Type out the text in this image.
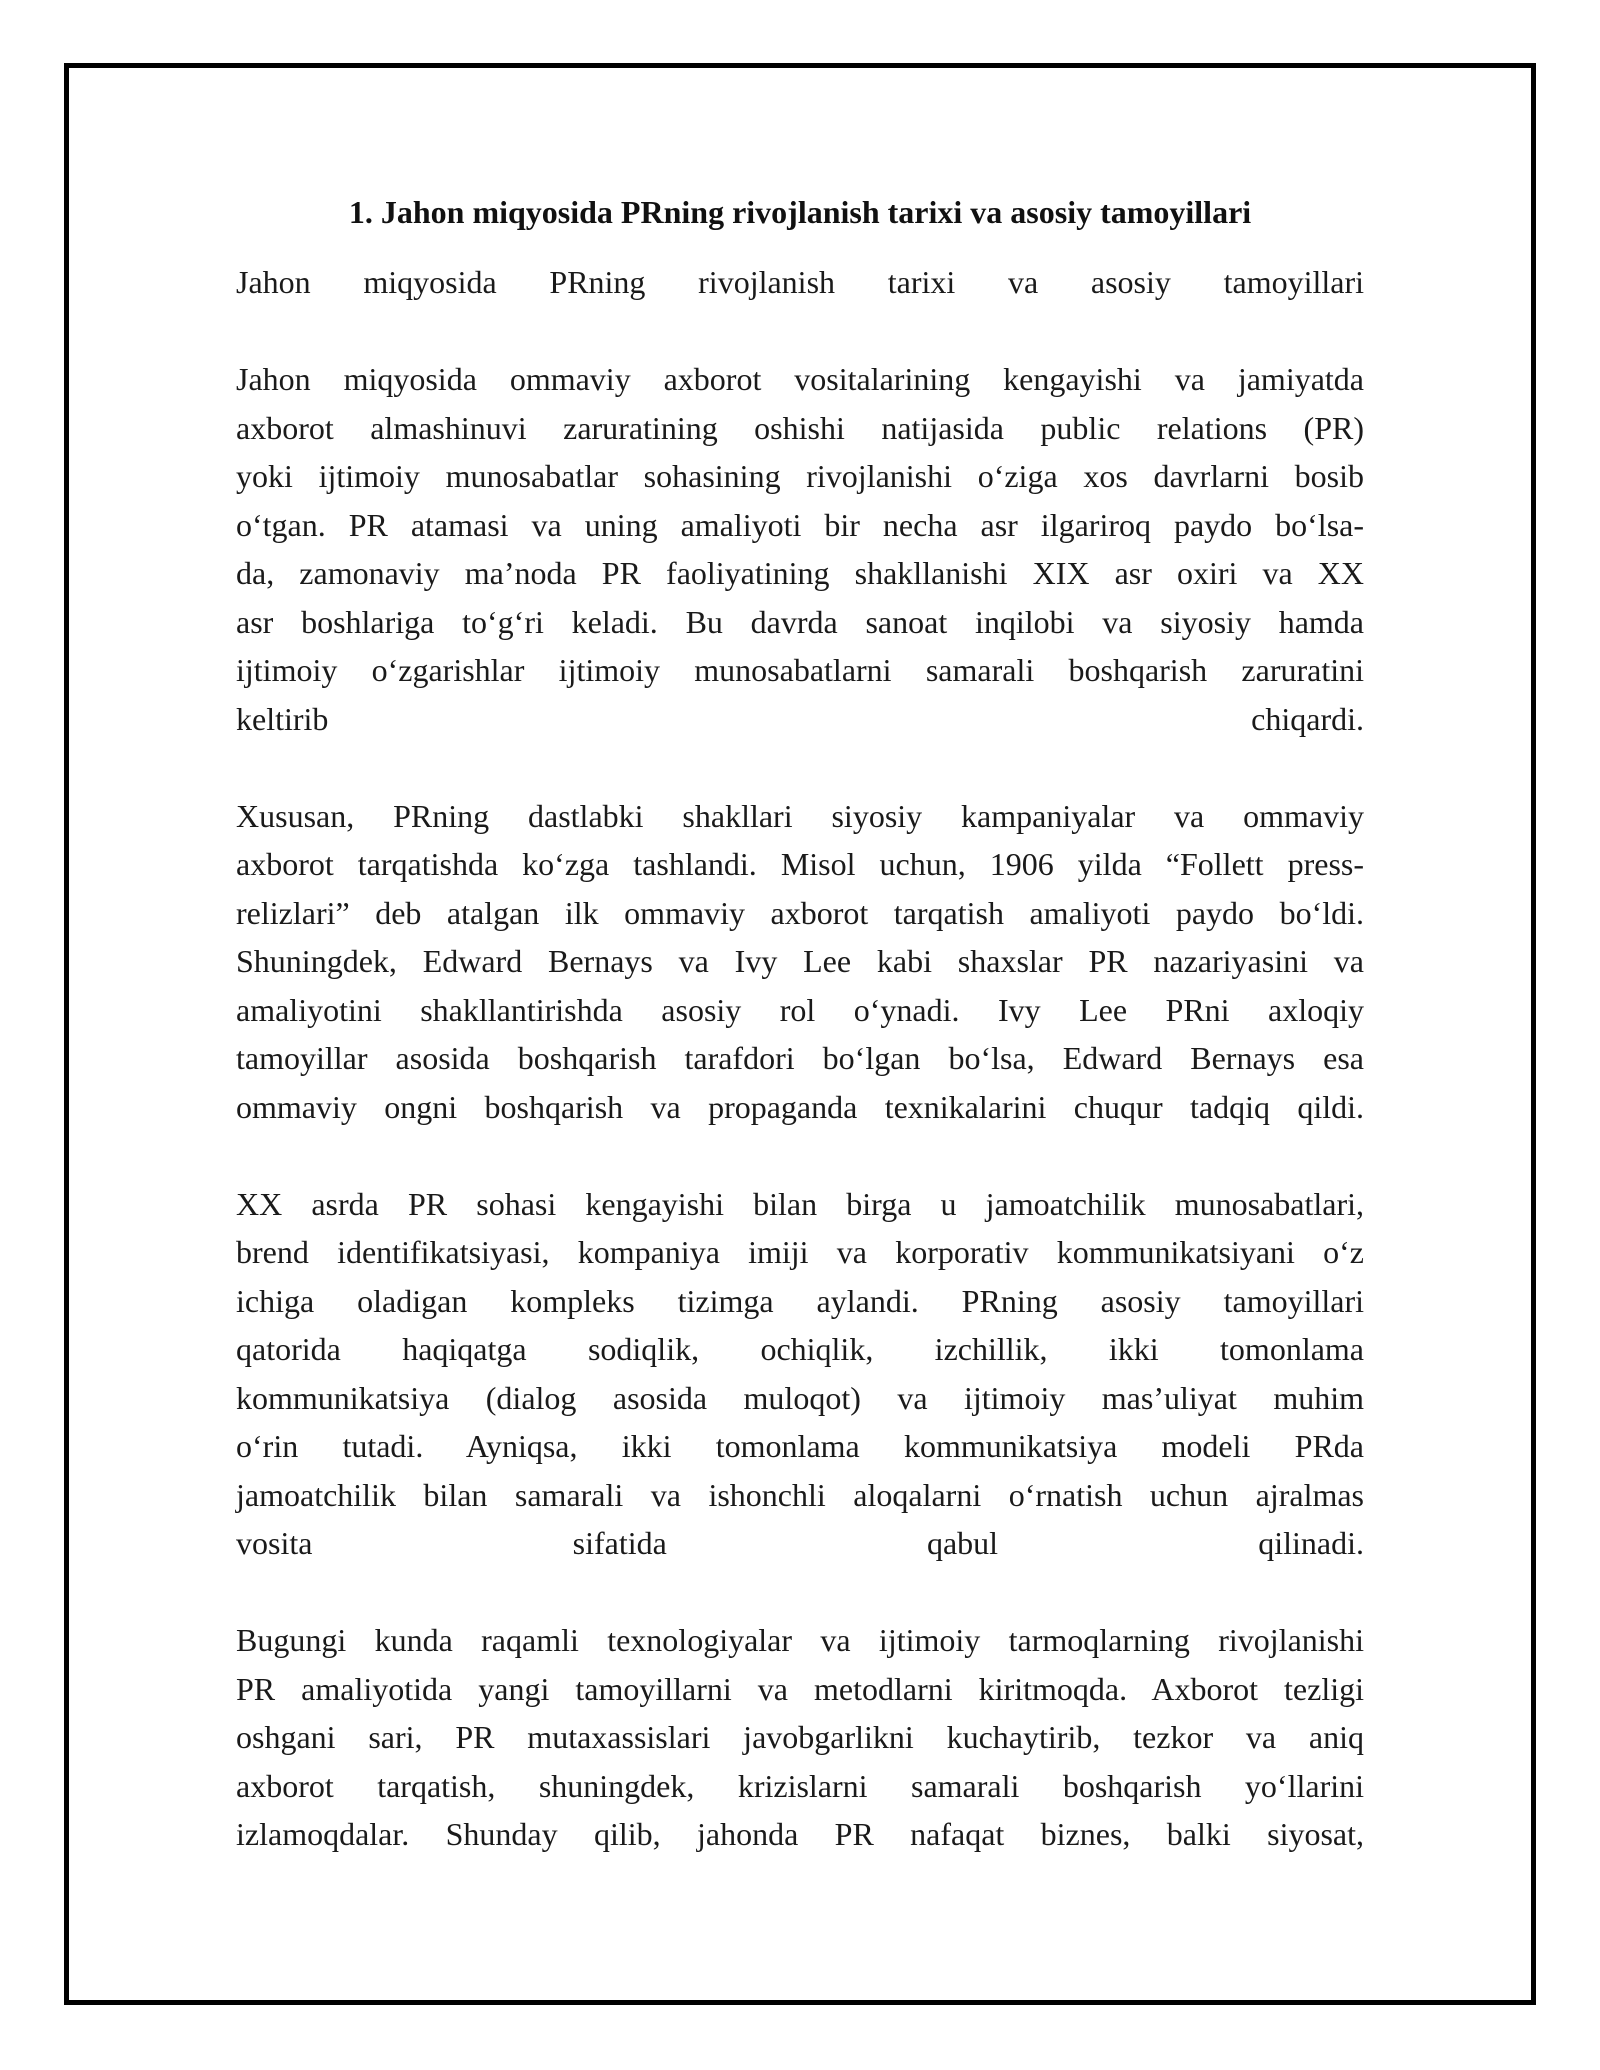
1. Jahon miqyosida PRning rivojlanish tarixi va asosiy tamoyillari

Jahon miqyosida PRning rivojlanish tarixi va asosiy tamoyillari

Jahon miqyosida ommaviy axborot vositalarining kengayishi va jamiyatda
axborot almashinuvi zaruratining oshishi natijasida public relations (PR)
yoki ijtimoiy munosabatlar sohasining rivojlanishi o‘ziga xos davrlarni bosib
o‘tgan. PR atamasi va uning amaliyoti bir necha asr ilgariroq paydo bo‘lsa-
da, zamonaviy ma’noda PR faoliyatining shakllanishi XIX asr oxiri va XX
asr boshlariga to‘g‘ri keladi. Bu davrda sanoat inqilobi va siyosiy hamda
ijtimoiy o‘zgarishlar ijtimoiy munosabatlarni samarali boshqarish zaruratini
keltirib chiqardi.

Xususan, PRning dastlabki shakllari siyosiy kampaniyalar va ommaviy
axborot tarqatishda ko‘zga tashlandi. Misol uchun, 1906 yilda “Follett press-
relizlari” deb atalgan ilk ommaviy axborot tarqatish amaliyoti paydo bo‘ldi.
Shuningdek, Edward Bernays va Ivy Lee kabi shaxslar PR nazariyasini va
amaliyotini shakllantirishda asosiy rol o‘ynadi. Ivy Lee PRni axloqiy
tamoyillar asosida boshqarish tarafdori bo‘lgan bo‘lsa, Edward Bernays esa
ommaviy ongni boshqarish va propaganda texnikalarini chuqur tadqiq qildi.

XX asrda PR sohasi kengayishi bilan birga u jamoatchilik munosabatlari,
brend identifikatsiyasi, kompaniya imiji va korporativ kommunikatsiyani o‘z
ichiga oladigan kompleks tizimga aylandi. PRning asosiy tamoyillari
qatorida haqiqatga sodiqlik, ochiqlik, izchillik, ikki tomonlama
kommunikatsiya (dialog asosida muloqot) va ijtimoiy mas’uliyat muhim
o‘rin tutadi. Ayniqsa, ikki tomonlama kommunikatsiya modeli PRda
jamoatchilik bilan samarali va ishonchli aloqalarni o‘rnatish uchun ajralmas
vosita sifatida qabul qilinadi.

Bugungi kunda raqamli texnologiyalar va ijtimoiy tarmoqlarning rivojlanishi
PR amaliyotida yangi tamoyillarni va metodlarni kiritmoqda. Axborot tezligi
oshgani sari, PR mutaxassislari javobgarlikni kuchaytirib, tezkor va aniq
axborot tarqatish, shuningdek, krizislarni samarali boshqarish yo‘llarini
izlamoqdalar. Shunday qilib, jahonda PR nafaqat biznes, balki siyosat,
